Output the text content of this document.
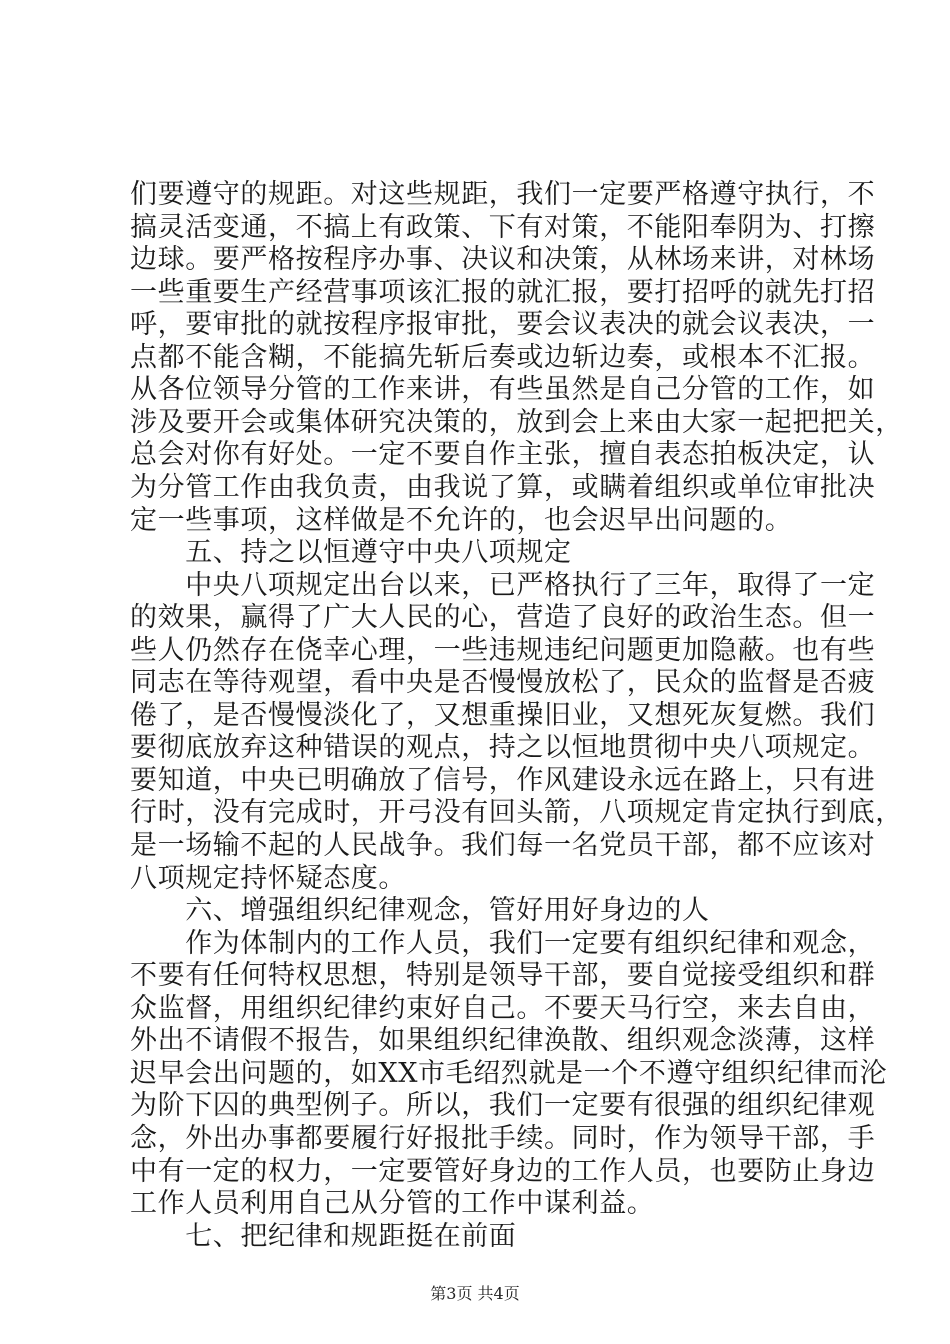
们要遵守的规距。对这些规距，我们一定要严格遵守执行，不
搞灵活变通，不搞上有政策、下有对策，不能阳奉阴为、打擦
边球。要严格按程序办事、决议和决策，从林场来讲，对林场
一些重要生产经营事项该汇报的就汇报，要打招呼的就先打招
呼，要审批的就按程序报审批，要会议表决的就会议表决，一
点都不能含糊，不能搞先斩后奏或边斩边奏，或根本不汇报。
从各位领导分管的工作来讲，有些虽然是自己分管的工作，如
涉及要开会或集体研究决策的，放到会上来由大家一起把把关，
总会对你有好处。一定不要自作主张，擅自表态拍板决定，认
为分管工作由我负责，由我说了算，或瞒着组织或单位审批决
定一些事项，这样做是不允许的，也会迟早出问题的。
　　五、持之以恒遵守中央八项规定
　　中央八项规定出台以来，已严格执行了三年，取得了一定
的效果，赢得了广大人民的心，营造了良好的政治生态。但一
些人仍然存在侥幸心理，一些违规违纪问题更加隐蔽。也有些
同志在等待观望，看中央是否慢慢放松了，民众的监督是否疲
倦了，是否慢慢淡化了，又想重操旧业，又想死灰复燃。我们
要彻底放弃这种错误的观点，持之以恒地贯彻中央八项规定。
要知道，中央已明确放了信号，作风建设永远在路上，只有进
行时，没有完成时，开弓没有回头箭，八项规定肯定执行到底，
是一场输不起的人民战争。我们每一名党员干部，都不应该对
八项规定持怀疑态度。
　　六、增强组织纪律观念，管好用好身边的人
　　作为体制内的工作人员，我们一定要有组织纪律和观念，
不要有任何特权思想，特别是领导干部，要自觉接受组织和群
众监督，用组织纪律约束好自己。不要天马行空，来去自由，
外出不请假不报告，如果组织纪律涣散、组织观念淡薄，这样
迟早会出问题的，如XX市毛绍烈就是一个不遵守组织纪律而沦
为阶下囚的典型例子。所以，我们一定要有很强的组织纪律观
念，外出办事都要履行好报批手续。同时，作为领导干部，手
中有一定的权力，一定要管好身边的工作人员，也要防止身边
工作人员利用自己从分管的工作中谋利益。
　　七、把纪律和规距挺在前面
第3页 共4页
